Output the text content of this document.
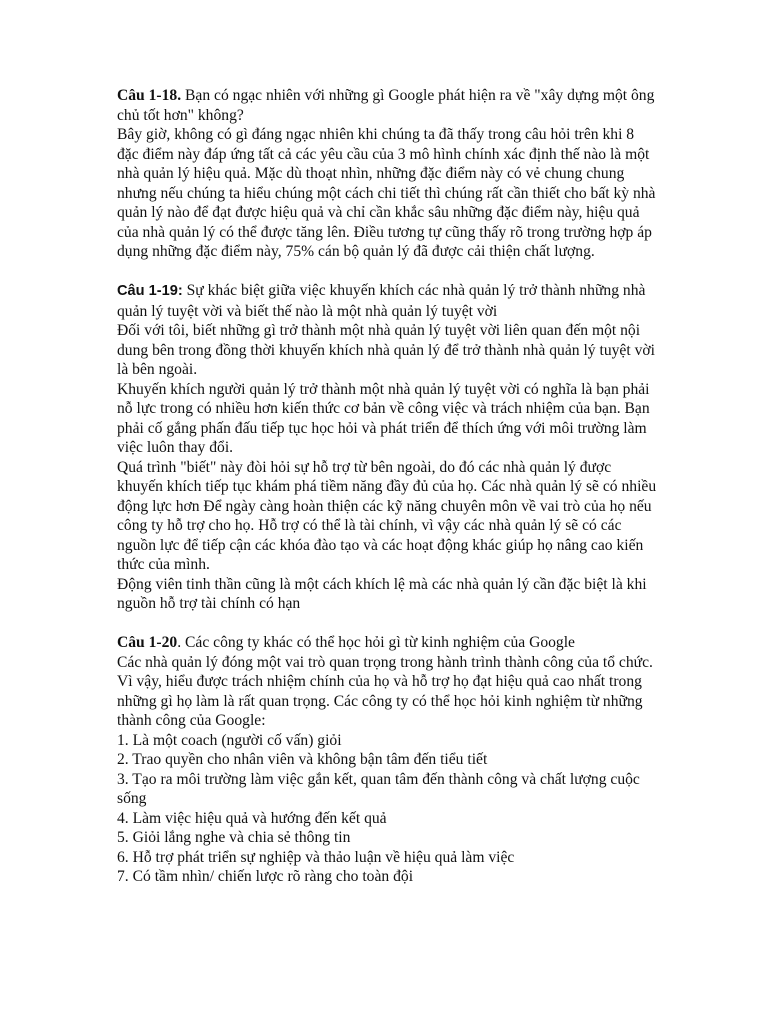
Câu 1-18. Bạn có ngạc nhiên với những gì Google phát hiện ra về "xây dựng một ông chủ tốt hơn" không?

Bây giờ, không có gì đáng ngạc nhiên khi chúng ta đã thấy trong câu hỏi trên khi 8 đặc điểm này đáp ứng tất cả các yêu cầu của 3 mô hình chính xác định thế nào là một nhà quản lý hiệu quả. Mặc dù thoạt nhìn, những đặc điểm này có vẻ chung chung nhưng nếu chúng ta hiểu chúng một cách chi tiết thì chúng rất cần thiết cho bất kỳ nhà quản lý nào để đạt được hiệu quả và chỉ cần khắc sâu những đặc điểm này, hiệu quả của nhà quản lý có thể được tăng lên. Điều tương tự cũng thấy rõ trong trường hợp áp dụng những đặc điểm này, 75% cán bộ quản lý đã được cải thiện chất lượng.

Câu 1-19: Sự khác biệt giữa việc khuyến khích các nhà quản lý trở thành những nhà quản lý tuyệt vời và biết thế nào là một nhà quản lý tuyệt vời

Đối với tôi, biết những gì trở thành một nhà quản lý tuyệt vời liên quan đến một nội dung bên trong đồng thời khuyến khích nhà quản lý để trở thành nhà quản lý tuyệt vời là bên ngoài.

Khuyến khích người quản lý trở thành một nhà quản lý tuyệt vời có nghĩa là bạn phải nỗ lực trong có nhiều hơn kiến thức cơ bản về công việc và trách nhiệm của bạn. Bạn phải cố gắng phấn đấu tiếp tục học hỏi và phát triển để thích ứng với môi trường làm việc luôn thay đổi.

Quá trình "biết" này đòi hỏi sự hỗ trợ từ bên ngoài, do đó các nhà quản lý được khuyến khích tiếp tục khám phá tiềm năng đầy đủ của họ. Các nhà quản lý sẽ có nhiều động lực hơn Để ngày càng hoàn thiện các kỹ năng chuyên môn về vai trò của họ nếu công ty hỗ trợ cho họ. Hỗ trợ có thể là tài chính, vì vậy các nhà quản lý sẽ có các nguồn lực để tiếp cận các khóa đào tạo và các hoạt động khác giúp họ nâng cao kiến thức của mình.

Động viên tinh thần cũng là một cách khích lệ mà các nhà quản lý cần đặc biệt là khi nguồn hỗ trợ tài chính có hạn

Câu 1-20. Các công ty khác có thể học hỏi gì từ kinh nghiệm của Google

Các nhà quản lý đóng một vai trò quan trọng trong hành trình thành công của tổ chức. Vì vậy, hiểu được trách nhiệm chính của họ và hỗ trợ họ đạt hiệu quả cao nhất trong những gì họ làm là rất quan trọng. Các công ty có thể học hỏi kinh nghiệm từ những thành công của Google:

1. Là một coach (người cố vấn) giỏi
2. Trao quyền cho nhân viên và không bận tâm đến tiểu tiết
3. Tạo ra môi trường làm việc gắn kết, quan tâm đến thành công và chất lượng cuộc sống
4. Làm việc hiệu quả và hướng đến kết quả
5. Giỏi lắng nghe và chia sẻ thông tin
6. Hỗ trợ phát triển sự nghiệp và thảo luận về hiệu quả làm việc
7. Có tầm nhìn/ chiến lược rõ ràng cho toàn đội
